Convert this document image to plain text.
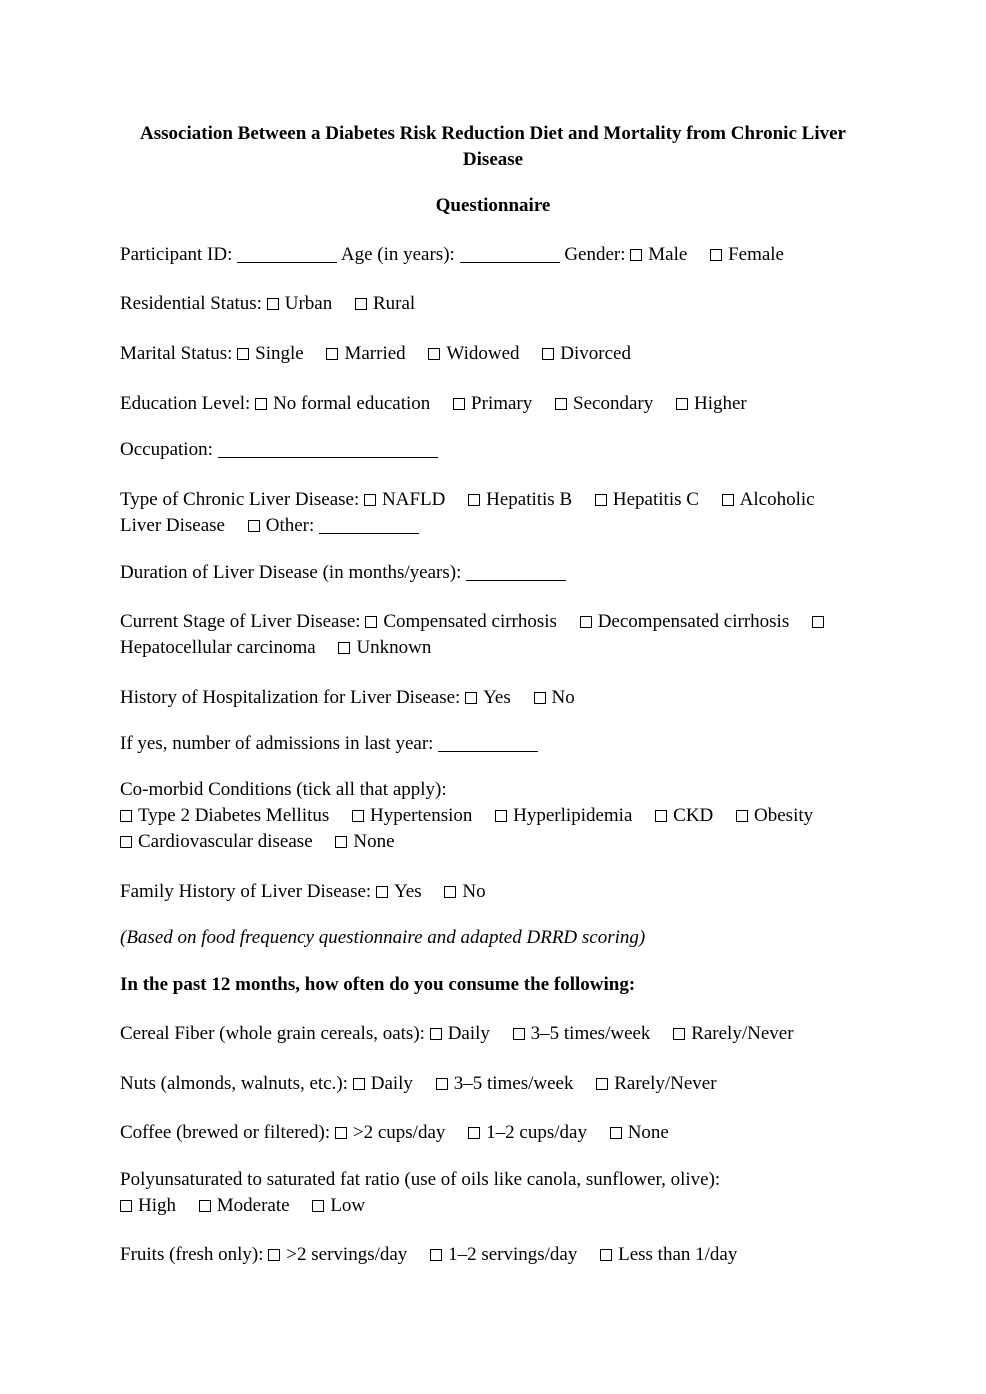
Association Between a Diabetes Risk Reduction Diet and Mortality from Chronic Liver Disease
Questionnaire
Participant ID:	Age (in years):	Gender: Male Female
Residential Status: Urban Rural
Marital Status: Single Married Widowed Divorced
Education Level: No formal education Primary Secondary Higher
Occupation:
Type of Chronic Liver Disease: NAFLD Hepatitis B Hepatitis C Alcoholic
Liver Disease Other:
Duration of Liver Disease (in months/years):
Current Stage of Liver Disease: Compensated cirrhosis Decompensated cirrhosis
Hepatocellular carcinoma Unknown
History of Hospitalization for Liver Disease: Yes No
If yes, number of admissions in last year:
Co-morbid Conditions (tick all that apply):
Type 2 Diabetes Mellitus Hypertension Hyperlipidemia CKD Obesity
Cardiovascular disease None
Family History of Liver Disease: Yes No
(Based on food frequency questionnaire and adapted DRRD scoring)
In the past 12 months, how often do you consume the following:
Cereal Fiber (whole grain cereals, oats): Daily 3–5 times/week Rarely/Never
Nuts (almonds, walnuts, etc.): Daily 3–5 times/week Rarely/Never
Coffee (brewed or filtered): >2 cups/day 1–2 cups/day None
Polyunsaturated to saturated fat ratio (use of oils like canola, sunflower, olive):
High Moderate Low
Fruits (fresh only): >2 servings/day 1–2 servings/day Less than 1/day
